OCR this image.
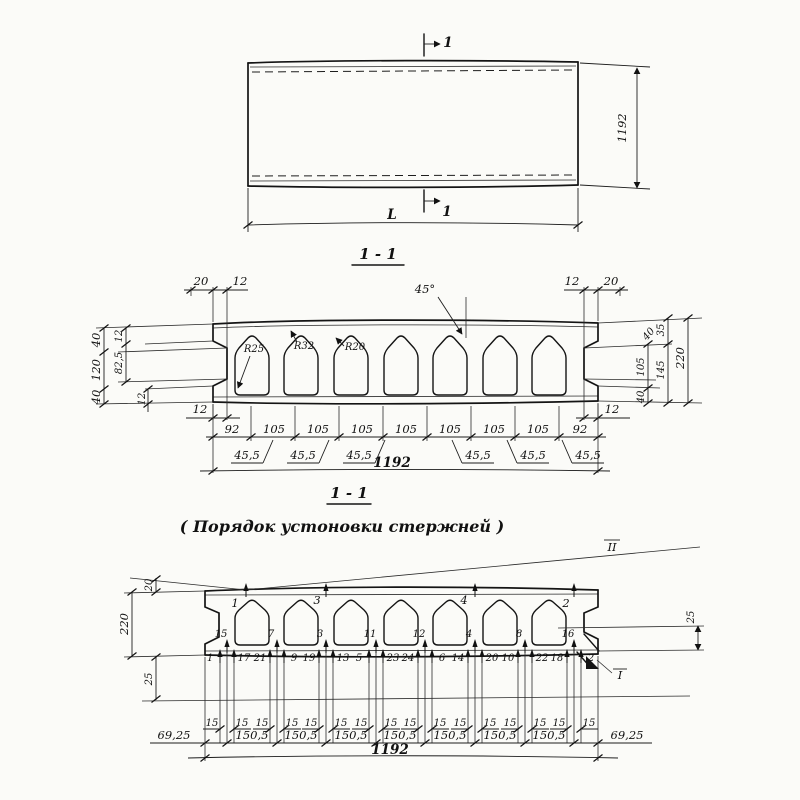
1
1
1192
L
1 - 1
R25	R32	R20
45°
20 12	12 20
40
120
40
12
82,5
12
12
105
40
40
35
145
220
12
92 105 105 105 105 105 105 105 92
45,5	45,5	45,5	45,5	45,5	45,5
1192
1 - 1
( Порядок устоновки стержней )
II
I
1	3	4	2
15	7	3	11	12	4	8	16
1 17 21 9 19 13 5 23 24 6 14 20 10 22 18 2
20
220
25
25
15 15 15 15 15 15 15 15 15 15 15 15 15 15 15 15
150,5 150,5 150,5 150,5 150,5 150,5 150,5
69,25	69,25
1192
